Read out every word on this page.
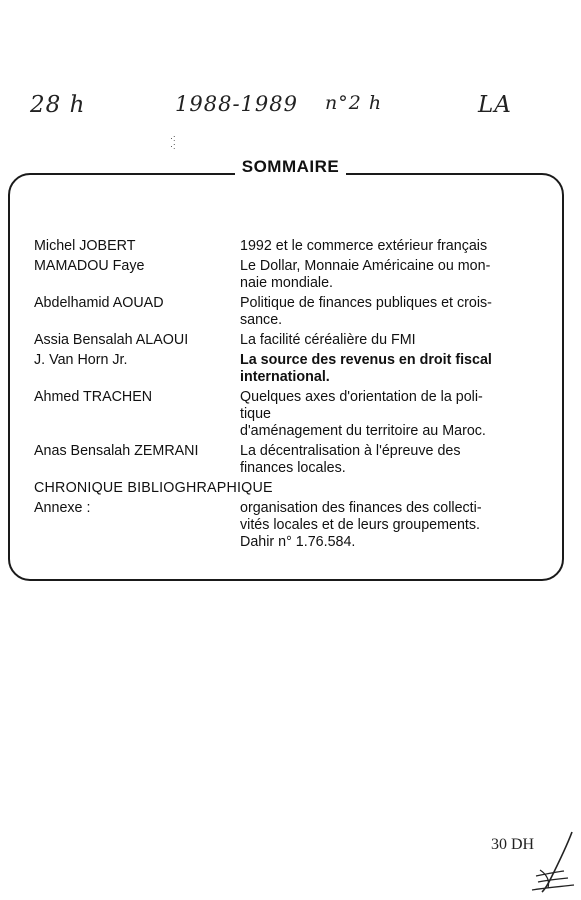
28 h	1988-1989 n°2 h	LA
·:
·:
SOMMAIRE
Michel JOBERT	1992 et le commerce extérieur français
MAMADOU Faye	Le Dollar, Monnaie Américaine ou mon-
naie mondiale.
Abdelhamid AOUAD	Politique de finances publiques et crois-
sance.
Assia Bensalah ALAOUI	La facilité céréalière du FMI
J. Van Horn Jr.	La source des revenus en droit fiscal
international.
Ahmed TRACHEN	Quelques axes d'orientation de la poli-
tique
d'aménagement du territoire au Maroc.
Anas Bensalah ZEMRANI	La décentralisation à l'épreuve des
finances locales.
CHRONIQUE BIBLIOGHRAPHIQUE
Annexe :	organisation des finances des collecti-
vités locales et de leurs groupements.
Dahir n° 1.76.584.
30 DH
